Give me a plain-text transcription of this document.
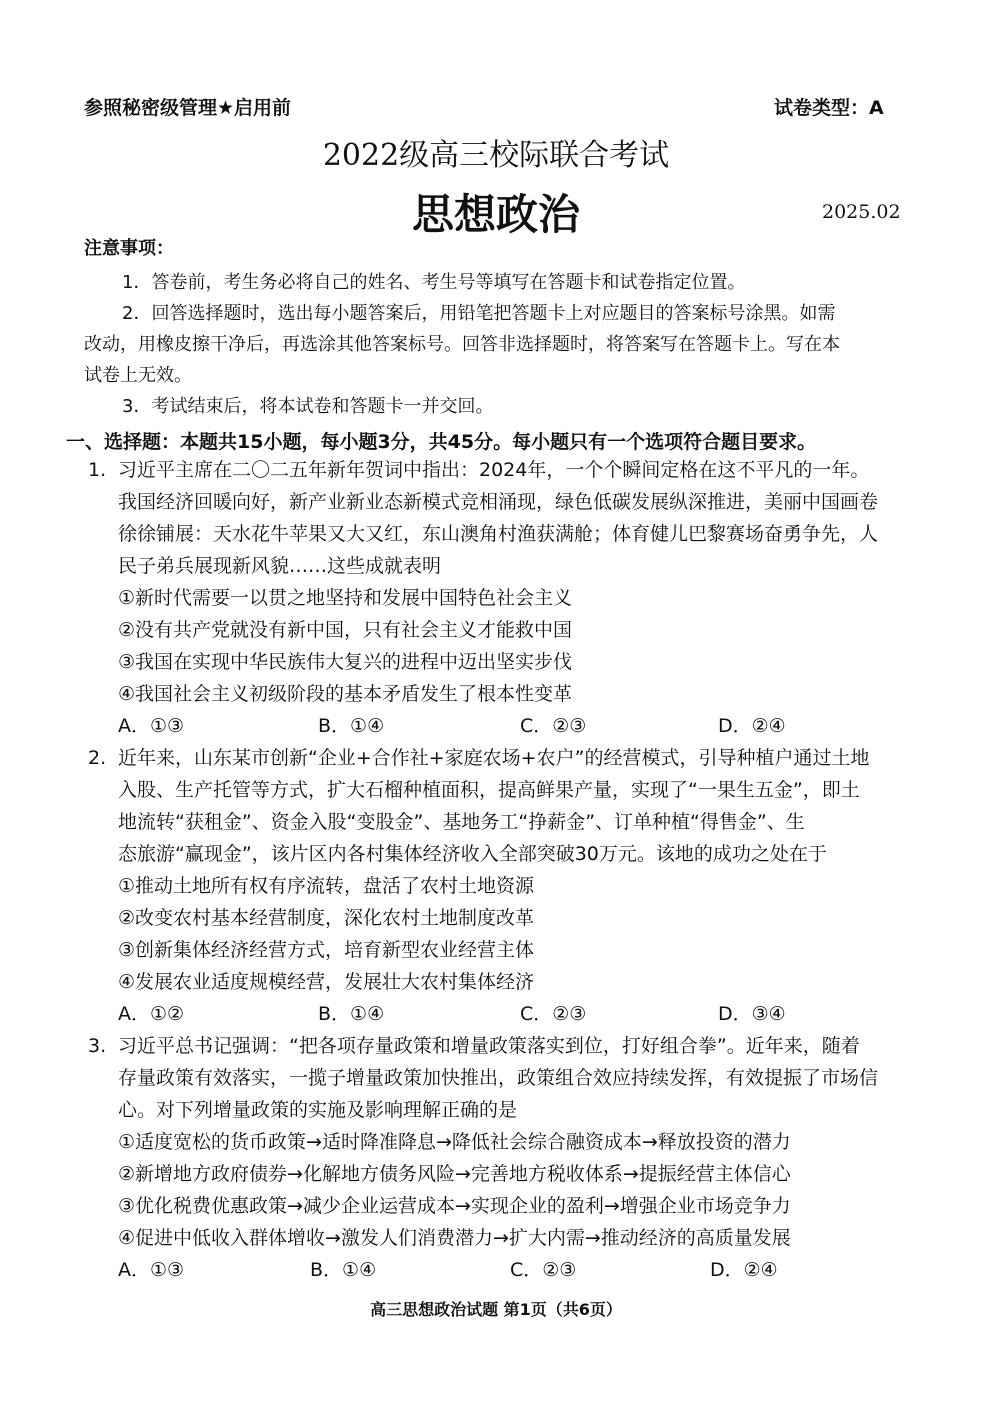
参照秘密级管理★启用前	试卷类型：A
2022级高三校际联合考试
思想政治	2025.02
注意事项：
1．答卷前，考生务必将自己的姓名、考生号等填写在答题卡和试卷指定位置。
2．回答选择题时，选出每小题答案后，用铅笔把答题卡上对应题目的答案标号涂黑。如需
改动，用橡皮擦干净后，再选涂其他答案标号。回答非选择题时，将答案写在答题卡上。写在本
试卷上无效。
3．考试结束后，将本试卷和答题卡一并交回。
一、选择题：本题共15小题，每小题3分，共45分。每小题只有一个选项符合题目要求。
1. 习近平主席在二〇二五年新年贺词中指出：2024年，一个个瞬间定格在这不平凡的一年。
我国经济回暖向好，新产业新业态新模式竞相涌现，绿色低碳发展纵深推进，美丽中国画卷
徐徐铺展：天水花牛苹果又大又红，东山澳角村渔获满舱；体育健儿巴黎赛场奋勇争先，人
民子弟兵展现新风貌……这些成就表明
①新时代需要一以贯之地坚持和发展中国特色社会主义
②没有共产党就没有新中国，只有社会主义才能救中国
③我国在实现中华民族伟大复兴的进程中迈出坚实步伐
④我国社会主义初级阶段的基本矛盾发生了根本性变革
A．①③	B．①④	C．②③	D．②④
2. 近年来，山东某市创新“企业+合作社+家庭农场+农户”的经营模式，引导种植户通过土地
入股、生产托管等方式，扩大石榴种植面积，提高鲜果产量，实现了“一果生五金”，即土
地流转“获租金”、资金入股“变股金”、基地务工“挣薪金”、订单种植“得售金”、生
态旅游“赢现金”，该片区内各村集体经济收入全部突破30万元。该地的成功之处在于
①推动土地所有权有序流转，盘活了农村土地资源
②改变农村基本经营制度，深化农村土地制度改革
③创新集体经济经营方式，培育新型农业经营主体
④发展农业适度规模经营，发展壮大农村集体经济
A．①②	B．①④	C．②③	D．③④
3. 习近平总书记强调：“把各项存量政策和增量政策落实到位，打好组合拳”。近年来，随着
存量政策有效落实，一揽子增量政策加快推出，政策组合效应持续发挥，有效提振了市场信
心。对下列增量政策的实施及影响理解正确的是
①适度宽松的货币政策→适时降准降息→降低社会综合融资成本→释放投资的潜力
②新增地方政府债券→化解地方债务风险→完善地方税收体系→提振经营主体信心
③优化税费优惠政策→减少企业运营成本→实现企业的盈利→增强企业市场竞争力
④促进中低收入群体增收→激发人们消费潜力→扩大内需→推动经济的高质量发展
A．①③	B．①④	C．②③	D．②④
高三思想政治试题 第1页（共6页）
